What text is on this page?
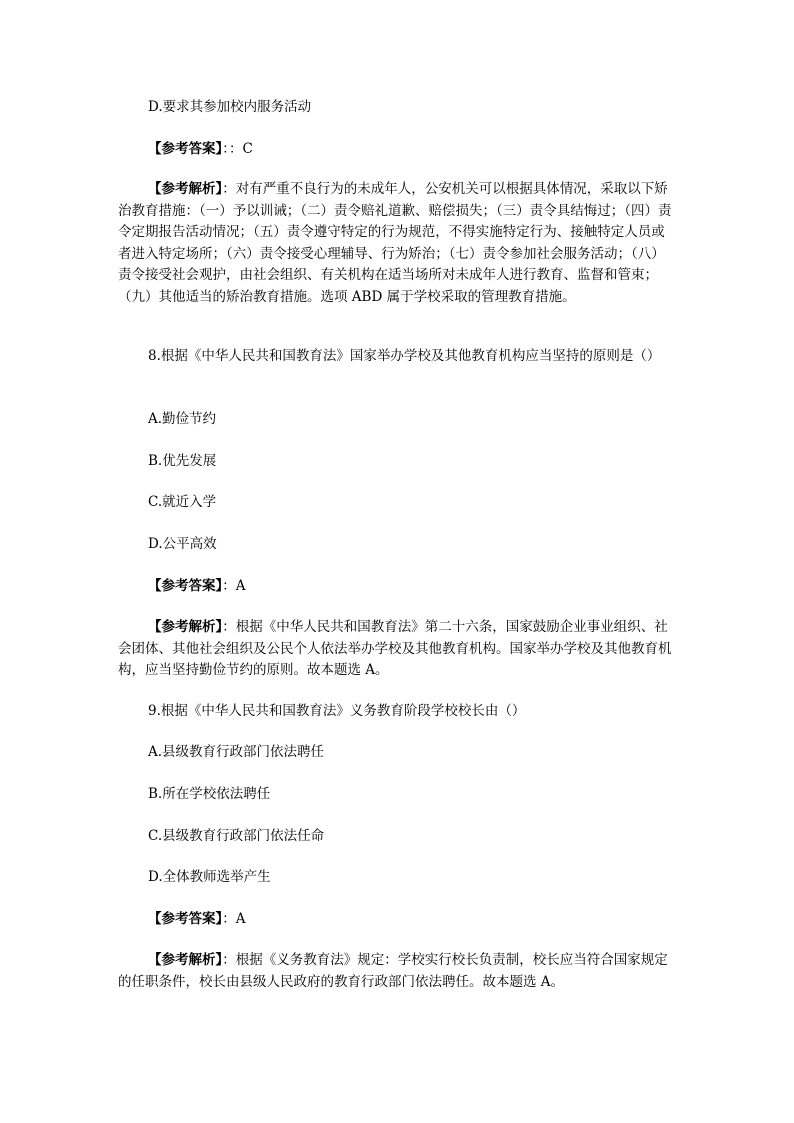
D.要求其参加校内服务活动
【参考答案】：：C
【参考解析】：对有严重不良行为的未成年人，公安机关可以根据具体情况，采取以下矫治教育措施：（一）予以训诫；（二）责令赔礼道歉、赔偿损失；（三）责令具结悔过；（四）责令定期报告活动情况；（五）责令遵守特定的行为规范，不得实施特定行为、接触特定人员或者进入特定场所；（六）责令接受心理辅导、行为矫治；（七）责令参加社会服务活动；（八）责令接受社会观护，由社会组织、有关机构在适当场所对未成年人进行教育、监督和管束；（九）其他适当的矫治教育措施。选项 ABD 属于学校采取的管理教育措施。
8.根据《中华人民共和国教育法》国家举办学校及其他教育机构应当坚持的原则是（）
A.勤俭节约
B.优先发展
C.就近入学
D.公平高效
【参考答案】：A
【参考解析】：根据《中华人民共和国教育法》第二十六条，国家鼓励企业事业组织、社会团体、其他社会组织及公民个人依法举办学校及其他教育机构。国家举办学校及其他教育机构，应当坚持勤俭节约的原则。故本题选 A。
9.根据《中华人民共和国教育法》义务教育阶段学校校长由（）
A.县级教育行政部门依法聘任
B.所在学校依法聘任
C.县级教育行政部门依法任命
D.全体教师选举产生
【参考答案】：A
【参考解析】：根据《义务教育法》规定：学校实行校长负责制，校长应当符合国家规定的任职条件，校长由县级人民政府的教育行政部门依法聘任。故本题选 A。
